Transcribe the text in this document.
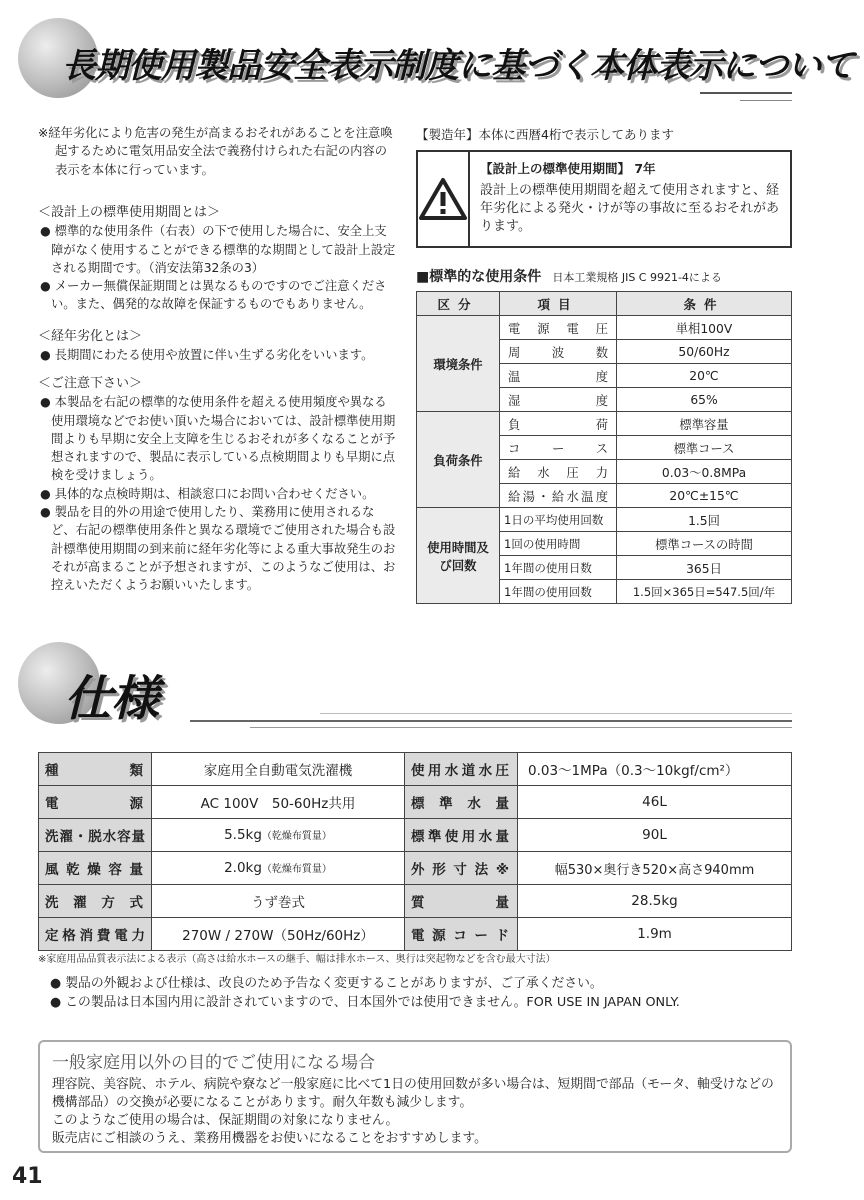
長期使用製品安全表示制度に基づく本体表示について

※経年劣化により危害の発生が高まるおそれがあることを注意喚起するために電気用品安全法で義務付けられた右記の内容の表示を本体に行っています。

＜設計上の標準使用期間とは＞

● 標準的な使用条件（右表）の下で使用した場合に、安全上支障がなく使用することができる標準的な期間として設計上設定される期間です。（消安法第32条の3）

● メーカー無償保証期間とは異なるものですのでご注意ください。また、偶発的な故障を保証するものでもありません。

＜経年劣化とは＞

● 長期間にわたる使用や放置に伴い生ずる劣化をいいます。

＜ご注意下さい＞

● 本製品を右記の標準的な使用条件を超える使用頻度や異なる使用環境などでお使い頂いた場合においては、設計標準使用期間よりも早期に安全上支障を生じるおそれが多くなることが予想されますので、製品に表示している点検期間よりも早期に点検を受けましょう。

● 具体的な点検時期は、相談窓口にお問い合わせください。

● 製品を目的外の用途で使用したり、業務用に使用されるなど、右記の標準使用条件と異なる環境でご使用された場合も設計標準使用期間の到来前に経年劣化等による重大事故発生のおそれが高まることが予想されますが、このようなご使用は、お控えいただくようお願いいたします。

【製造年】本体に西暦4桁で表示してあります
【設計上の標準使用期間】 7年
設計上の標準使用期間を超えて使用されますと、経年劣化による発火・けが等の事故に至るおそれがあります。
■標準的な使用条件 日本工業規格 JIS C 9921-4による
区分	項目	条件
環境条件	電源電圧	単相100V
	周波数	50/60Hz
	温度	20℃
	湿度	65%
負荷条件	負荷	標準容量
	コース	標準コース
	給水圧力	0.03～0.8MPa
	給湯・給水温度	20℃±15℃
使用時間及び回数	1日の平均使用回数	1.5回
	1回の使用時間	標準コースの時間
	1年間の使用日数	365日
	1年間の使用回数	1.5回×365日=547.5回/年
仕様
種類	家庭用全自動電気洗濯機	使用水道水圧	0.03～1MPa（0.3～10kgf/cm²）
電源	AC 100V　50-60Hz共用	標準水量	46L
洗濯・脱水容量	5.5kg（乾燥布質量）	標準使用水量	90L
風乾燥容量	2.0kg（乾燥布質量）	外形寸法※	幅530×奥行き520×高さ940mm
洗濯方式	うず巻式	質量	28.5kg
定格消費電力	270W / 270W（50Hz/60Hz）	電源コード	1.9m
※家庭用品品質表示法による表示（高さは給水ホースの継手、幅は排水ホース、奥行は突起物などを含む最大寸法）
● 製品の外観および仕様は、改良のため予告なく変更することがありますが、ご了承ください。
● この製品は日本国内用に設計されていますので、日本国外では使用できません。FOR USE IN JAPAN ONLY.

一般家庭用以外の目的でご使用になる場合

理容院、美容院、ホテル、病院や寮など一般家庭に比べて1日の使用回数が多い場合は、短期間で部品（モータ、軸受けなどの機構部品）の交換が必要になることがあります。耐久年数も減少します。

このようなご使用の場合は、保証期間の対象になりません。

販売店にご相談のうえ、業務用機器をお使いになることをおすすめします。

41
